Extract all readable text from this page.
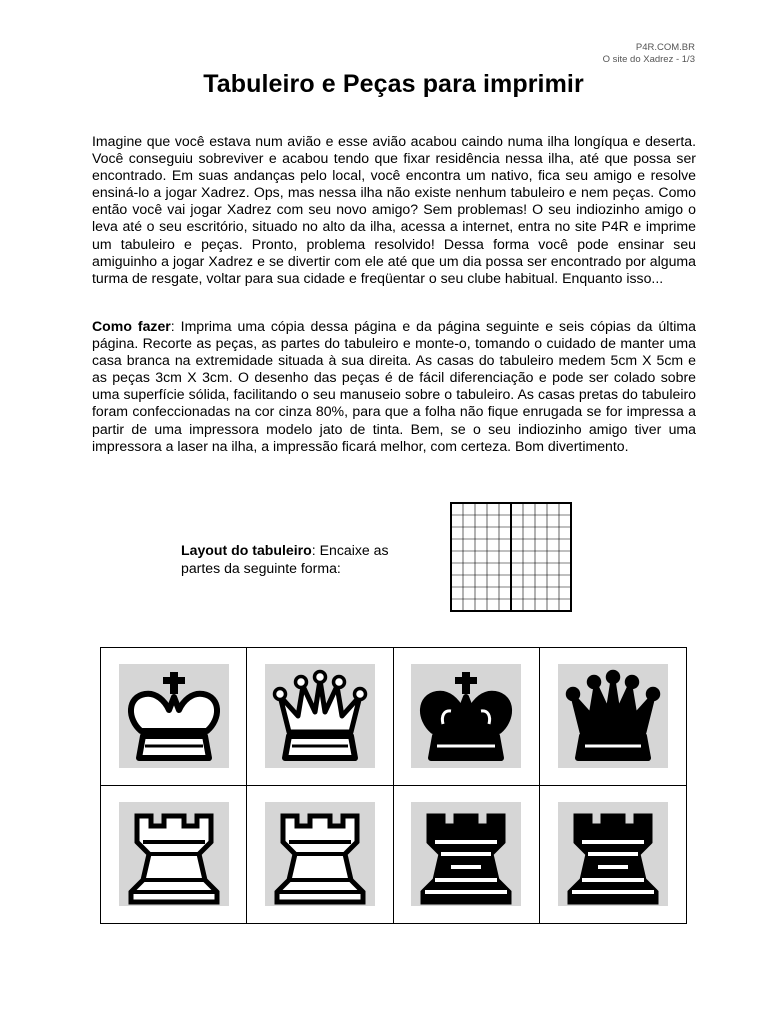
P4R.COM.BR
O site do Xadrez - 1/3
Tabuleiro e Peças para imprimir

Imagine que você estava num avião e esse avião acabou caindo numa ilha longíqua e deserta. Você conseguiu sobreviver e acabou tendo que fixar residência nessa ilha, até que possa ser encontrado. Em suas andanças pelo local, você encontra um nativo, fica seu amigo e resolve ensiná-lo a jogar Xadrez. Ops, mas nessa ilha não existe nenhum tabuleiro e nem peças. Como então você vai jogar Xadrez com seu novo amigo? Sem problemas! O seu indiozinho amigo o leva até o seu escritório, situado no alto da ilha, acessa a internet, entra no site P4R e imprime um tabuleiro e peças. Pronto, problema resolvido! Dessa forma você pode ensinar seu amiguinho a jogar Xadrez e se divertir com ele até que um dia possa ser encontrado por alguma turma de resgate, voltar para sua cidade e freqüentar o seu clube habitual. Enquanto isso...

Como fazer: Imprima uma cópia dessa página e da página seguinte e seis cópias da última página. Recorte as peças, as partes do tabuleiro e monte-o, tomando o cuidado de manter uma casa branca na extremidade situada à sua direita. As casas do tabuleiro medem 5cm X 5cm e as peças 3cm X 3cm. O desenho das peças é de fácil diferenciação e pode ser colado sobre uma superfície sólida, facilitando o seu manuseio sobre o tabuleiro. As casas pretas do tabuleiro foram confeccionadas na cor cinza 80%, para que a folha não fique enrugada se for impressa a partir de uma impressora modelo jato de tinta. Bem, se o seu indiozinho amigo tiver uma impressora a laser na ilha, a impressão ficará melhor, com certeza. Bom divertimento.

Layout do tabuleiro: Encaixe as partes da seguinte forma:
